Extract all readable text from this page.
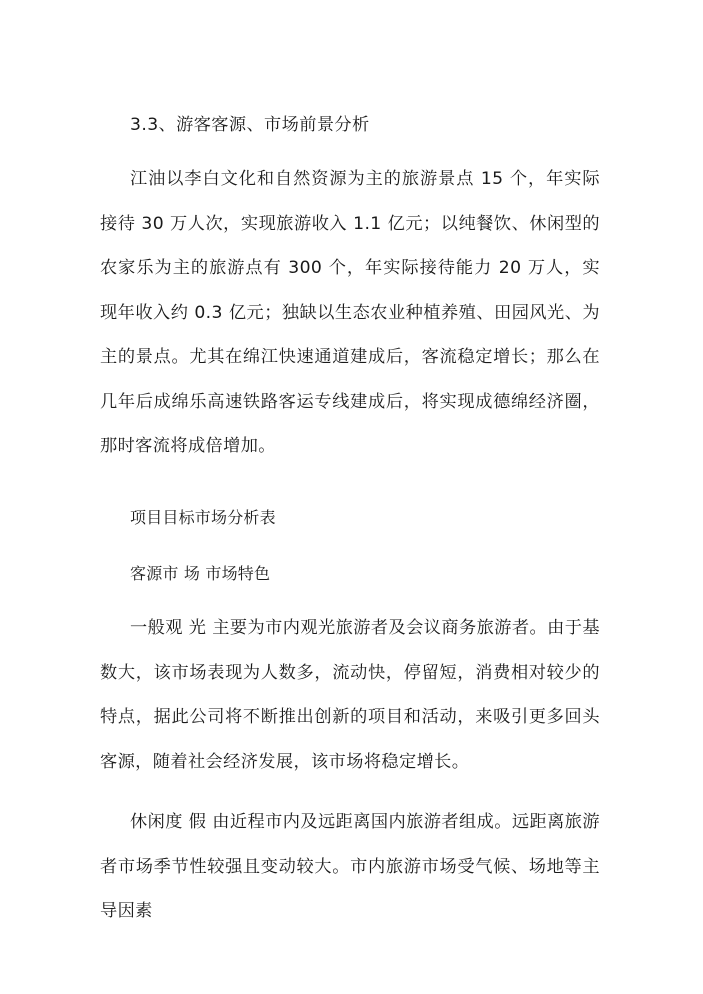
3.3、游客客源、市场前景分析

江油以李白文化和自然资源为主的旅游景点 15 个，年实际接待 30 万人次，实现旅游收入 1.1 亿元；以纯餐饮、休闲型的农家乐为主的旅游点有 300 个，年实际接待能力 20 万人，实现年收入约 0.3 亿元；独缺以生态农业种植养殖、田园风光、为主的景点。尤其在绵江快速通道建成后，客流稳定增长；那么在几年后成绵乐高速铁路客运专线建成后，将实现成德绵经济圈，那时客流将成倍增加。

项目目标市场分析表

客源市 场 市场特色

一般观 光 主要为市内观光旅游者及会议商务旅游者。由于基数大，该市场表现为人数多，流动快，停留短，消费相对较少的特点，据此公司将不断推出创新的项目和活动，来吸引更多回头客源，随着社会经济发展，该市场将稳定增长。

休闲度 假 由近程市内及远距离国内旅游者组成。远距离旅游者市场季节性较强且变动较大。市内旅游市场受气候、场地等主导因素
